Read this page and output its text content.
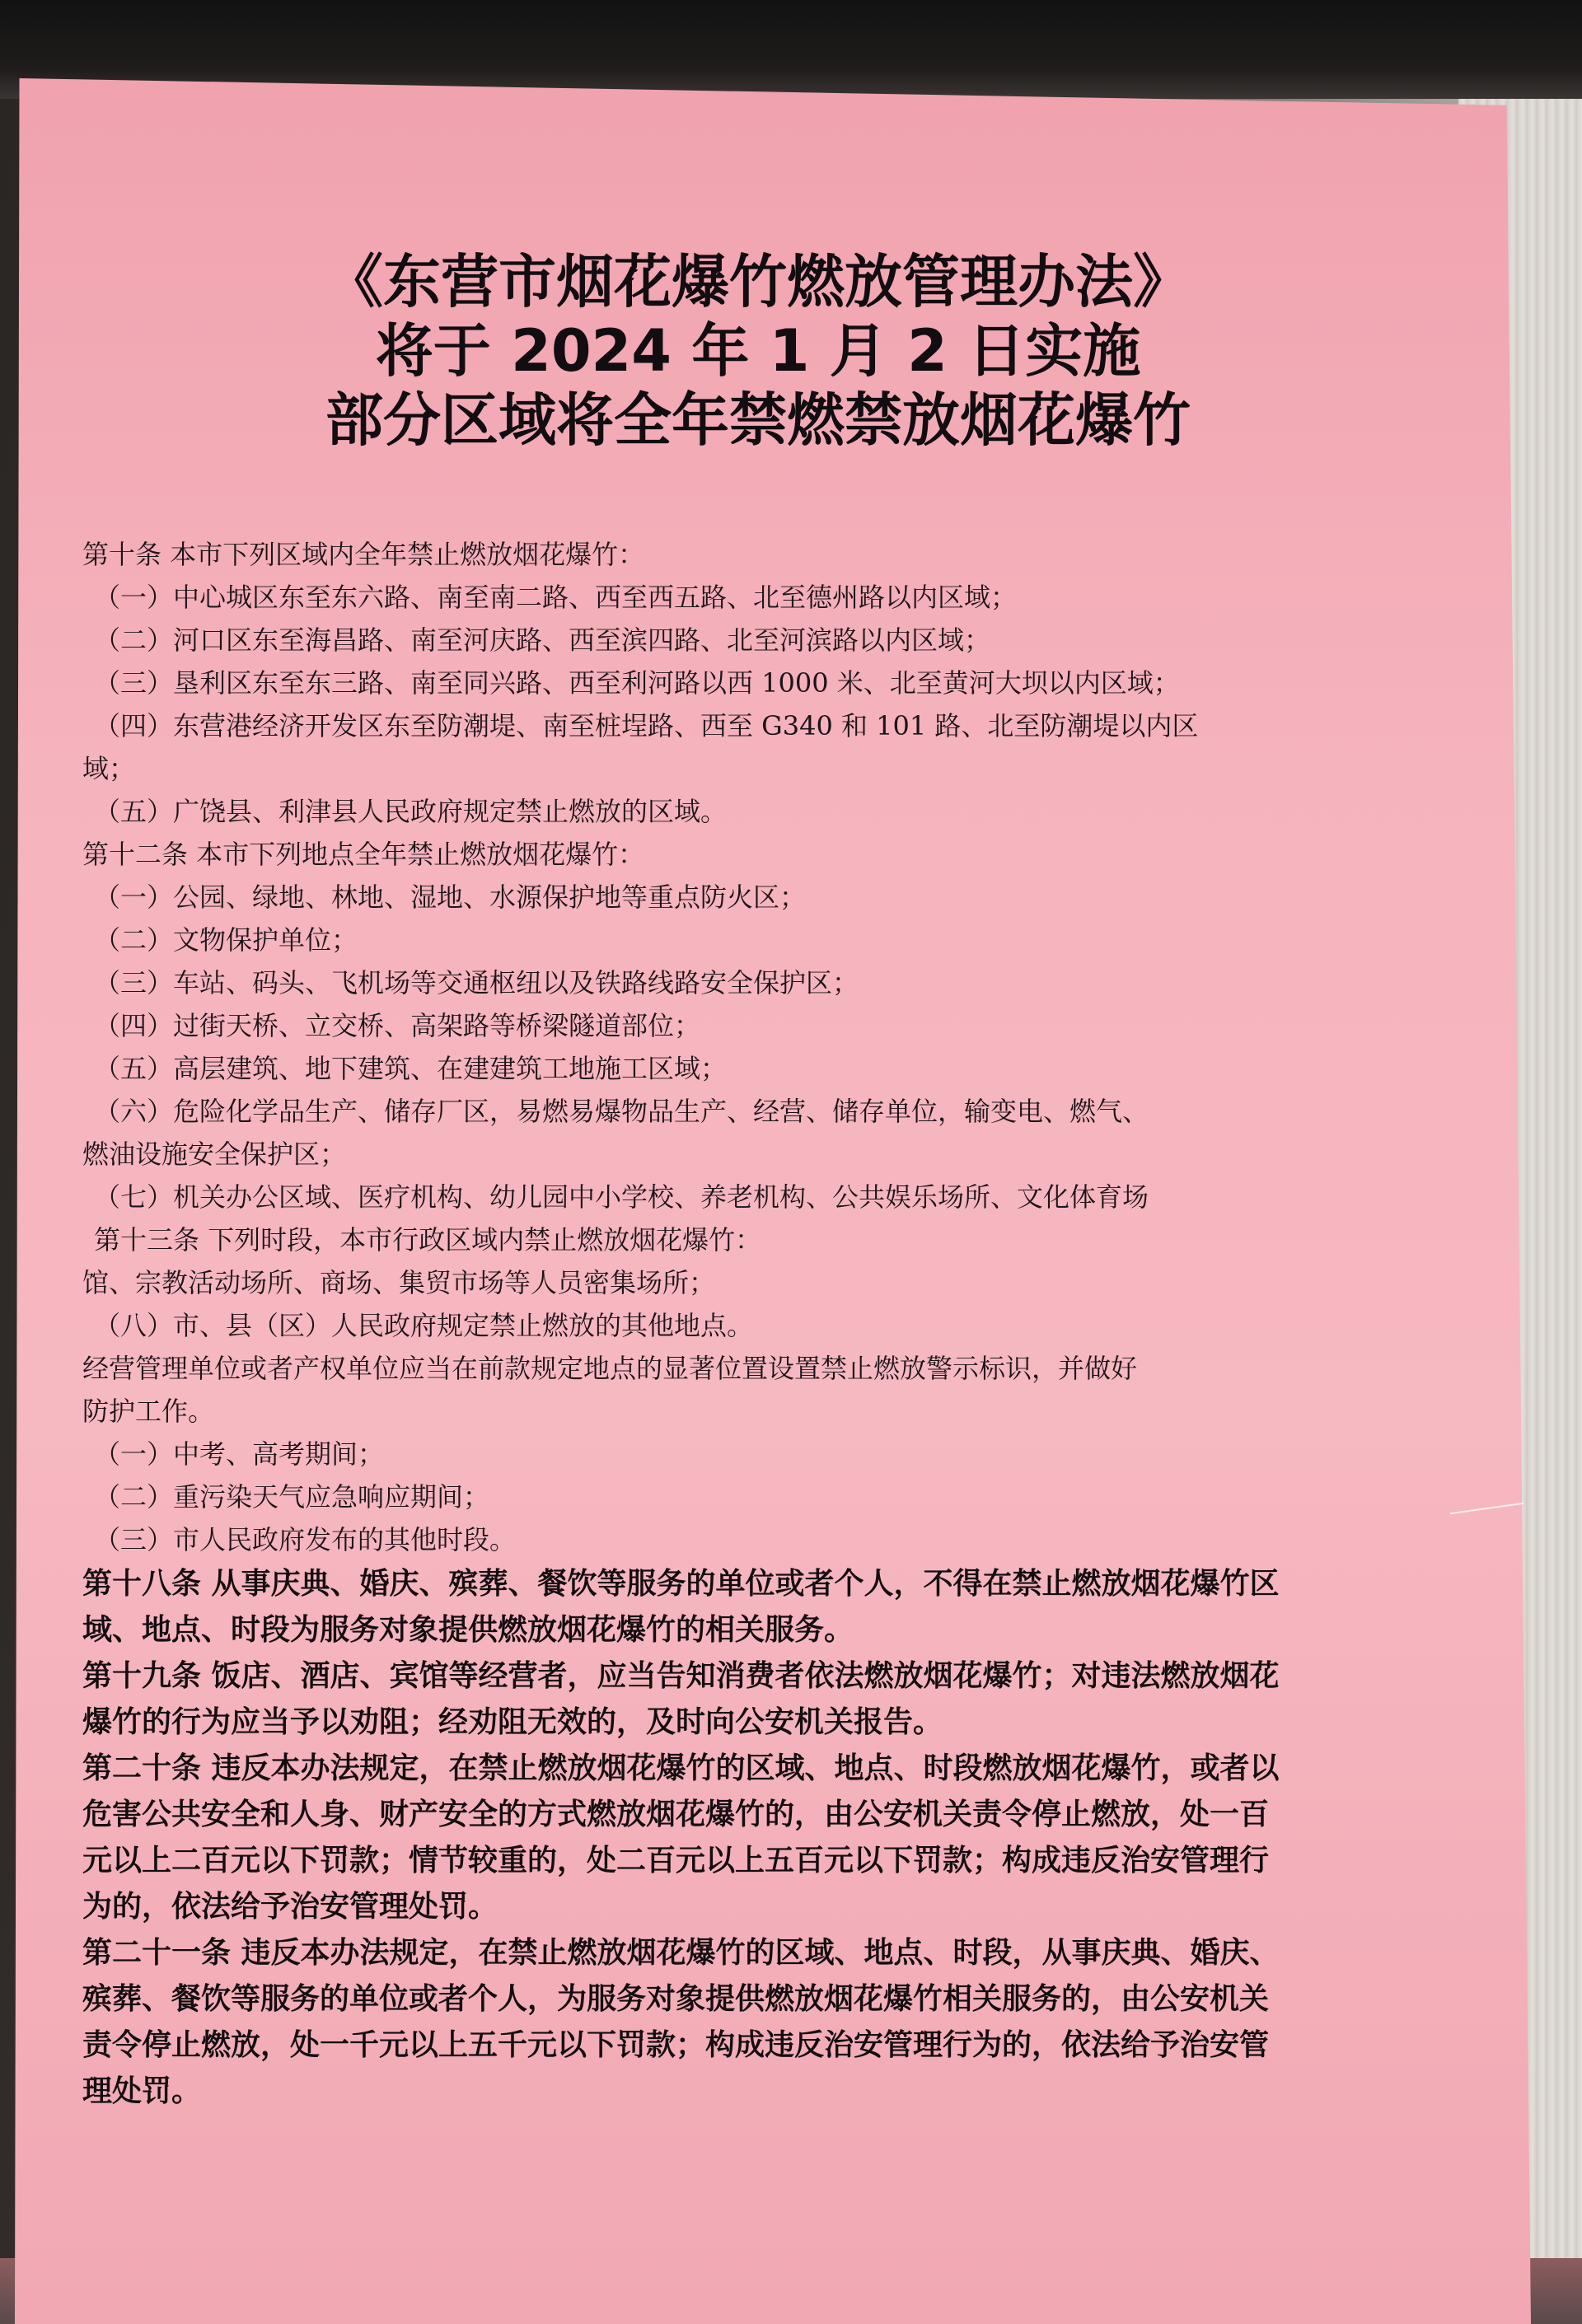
《东营市烟花爆竹燃放管理办法》

将于 2024 年 1 月 2 日实施

部分区域将全年禁燃禁放烟花爆竹

第十条 本市下列区域内全年禁止燃放烟花爆竹：

（一）中心城区东至东六路、南至南二路、西至西五路、北至德州路以内区域；

（二）河口区东至海昌路、南至河庆路、西至滨四路、北至河滨路以内区域；

（三）垦利区东至东三路、南至同兴路、西至利河路以西 1000 米、北至黄河大坝以内区域；

（四）东营港经济开发区东至防潮堤、南至桩埕路、西至 G340 和 101 路、北至防潮堤以内区

域；

（五）广饶县、利津县人民政府规定禁止燃放的区域。

第十二条 本市下列地点全年禁止燃放烟花爆竹：

（一）公园、绿地、林地、湿地、水源保护地等重点防火区；

（二）文物保护单位；

（三）车站、码头、飞机场等交通枢纽以及铁路线路安全保护区；

（四）过街天桥、立交桥、高架路等桥梁隧道部位；

（五）高层建筑、地下建筑、在建建筑工地施工区域；

（六）危险化学品生产、储存厂区，易燃易爆物品生产、经营、储存单位，输变电、燃气、

燃油设施安全保护区；

（七）机关办公区域、医疗机构、幼儿园中小学校、养老机构、公共娱乐场所、文化体育场

第十三条 下列时段，本市行政区域内禁止燃放烟花爆竹：

馆、宗教活动场所、商场、集贸市场等人员密集场所；

（八）市、县（区）人民政府规定禁止燃放的其他地点。

经营管理单位或者产权单位应当在前款规定地点的显著位置设置禁止燃放警示标识，并做好

防护工作。

（一）中考、高考期间；

（二）重污染天气应急响应期间；

（三）市人民政府发布的其他时段。

第十八条 从事庆典、婚庆、殡葬、餐饮等服务的单位或者个人，不得在禁止燃放烟花爆竹区

域、地点、时段为服务对象提供燃放烟花爆竹的相关服务。

第十九条 饭店、酒店、宾馆等经营者，应当告知消费者依法燃放烟花爆竹；对违法燃放烟花

爆竹的行为应当予以劝阻；经劝阻无效的，及时向公安机关报告。

第二十条 违反本办法规定，在禁止燃放烟花爆竹的区域、地点、时段燃放烟花爆竹，或者以

危害公共安全和人身、财产安全的方式燃放烟花爆竹的，由公安机关责令停止燃放，处一百

元以上二百元以下罚款；情节较重的，处二百元以上五百元以下罚款；构成违反治安管理行

为的，依法给予治安管理处罚。

第二十一条 违反本办法规定，在禁止燃放烟花爆竹的区域、地点、时段，从事庆典、婚庆、

殡葬、餐饮等服务的单位或者个人，为服务对象提供燃放烟花爆竹相关服务的，由公安机关

责令停止燃放，处一千元以上五千元以下罚款；构成违反治安管理行为的，依法给予治安管

理处罚。
